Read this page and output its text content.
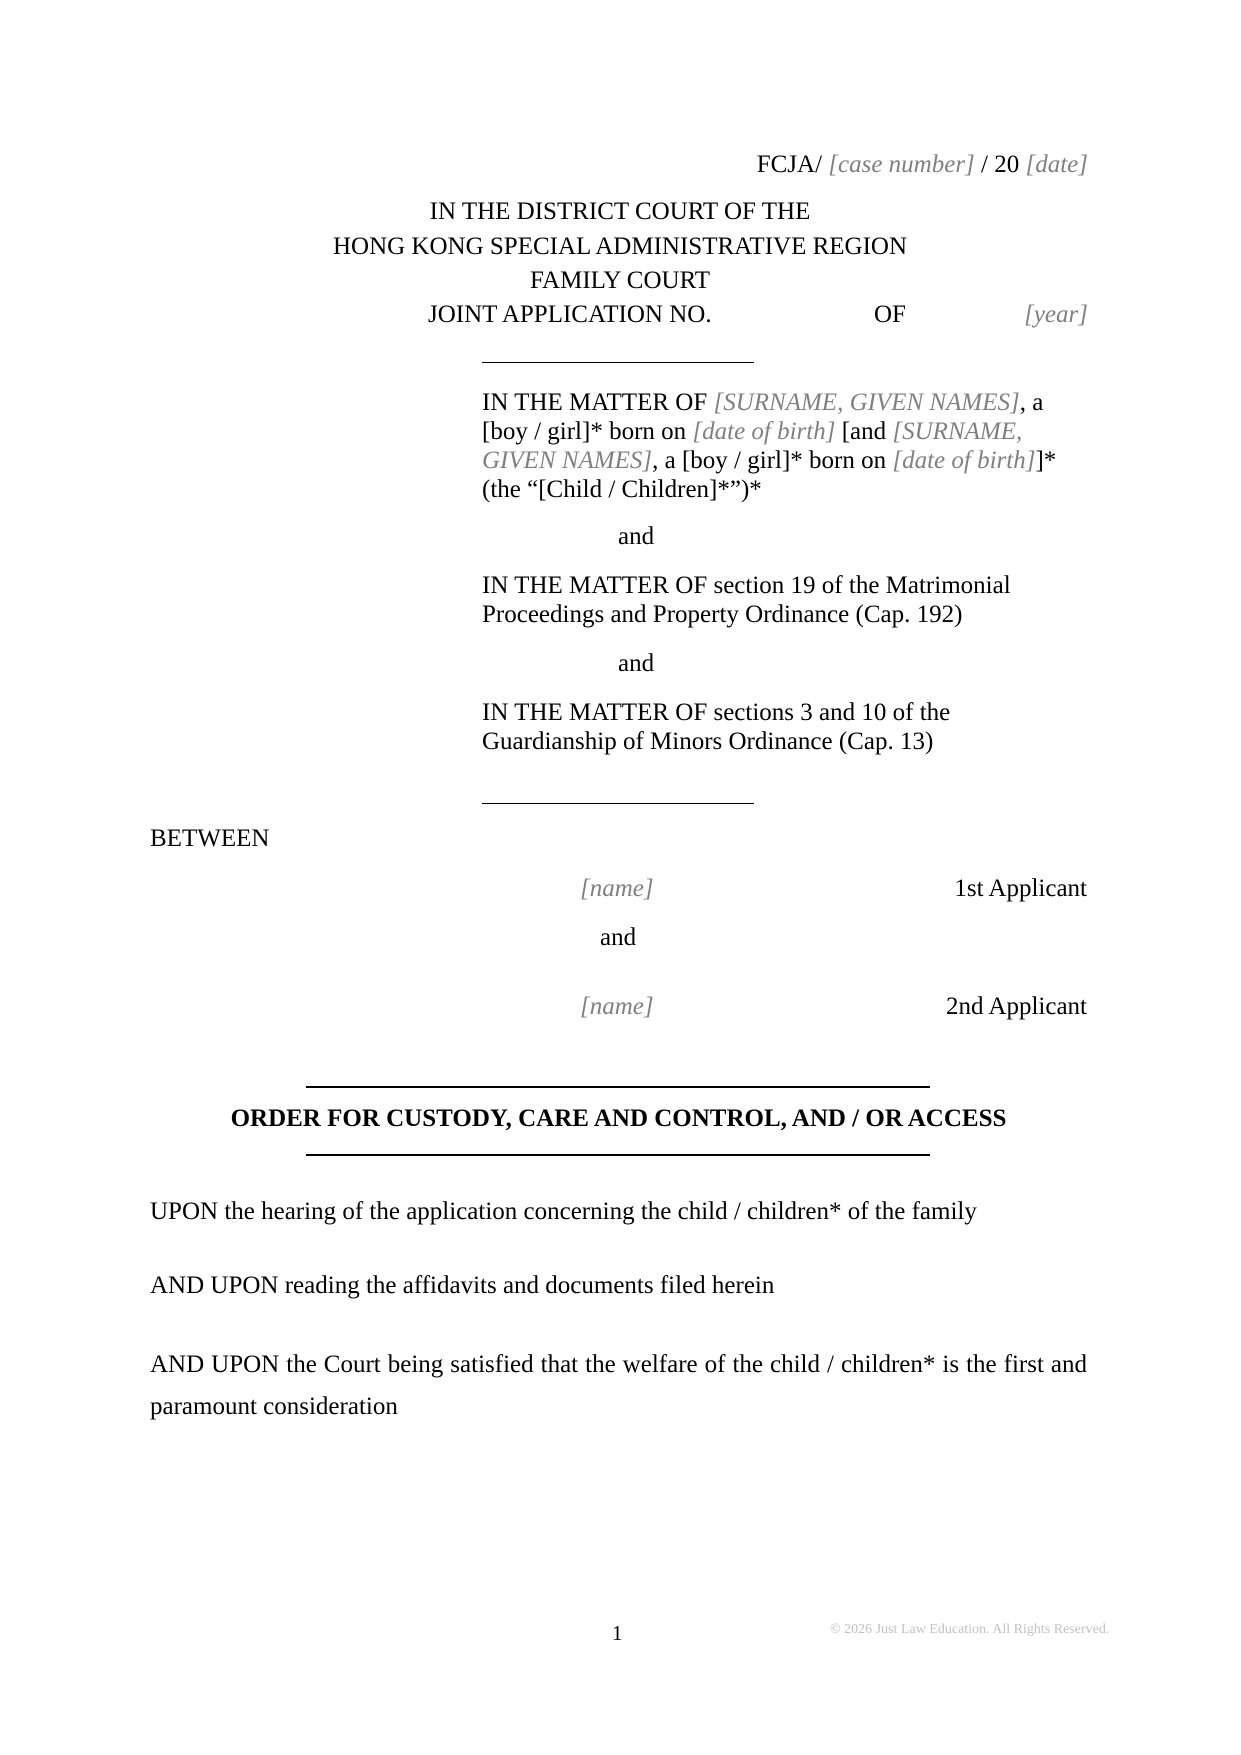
FCJA/ [case number] / 20 [date]
IN THE DISTRICT COURT OF THE
HONG KONG SPECIAL ADMINISTRATIVE REGION
FAMILY COURT
JOINT APPLICATION NO.	OF	[year]
IN THE MATTER OF [SURNAME, GIVEN NAMES], a
[boy / girl]* born on [date of birth] [and [SURNAME,
GIVEN NAMES], a [boy / girl]* born on [date of birth]]*
(the “[Child / Children]*”)*
and
IN THE MATTER OF section 19 of the Matrimonial
Proceedings and Property Ordinance (Cap. 192)
and
IN THE MATTER OF sections 3 and 10 of the
Guardianship of Minors Ordinance (Cap. 13)
BETWEEN
[name]	1st Applicant
and
[name]	2nd Applicant
ORDER FOR CUSTODY, CARE AND CONTROL, AND / OR ACCESS
UPON the hearing of the application concerning the child / children* of the family
AND UPON reading the affidavits and documents filed herein
AND UPON the Court being satisfied that the welfare of the child / children* is the first and
paramount consideration
1	© 2026 Just Law Education. All Rights Reserved.
